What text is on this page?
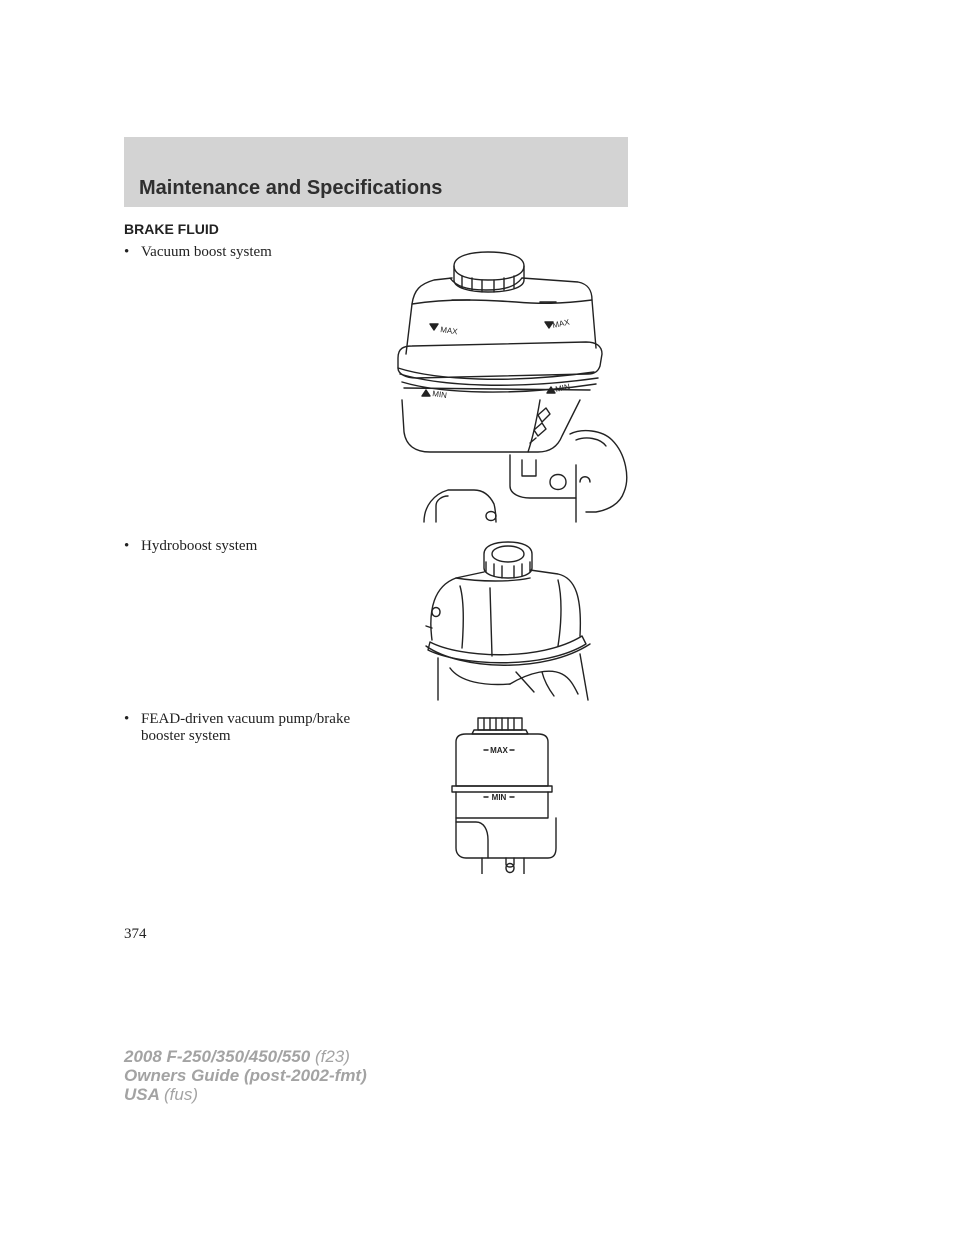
Maintenance and Specifications
BRAKE FLUID
• Vacuum boost system
• Hydroboost system
• FEAD-driven vacuum pump/brake booster system
MAX
MAX
MIN
MIN
MAX
MIN
374
2008 F-250/350/450/550 (f23)
Owners Guide (post-2002-fmt)
USA (fus)
